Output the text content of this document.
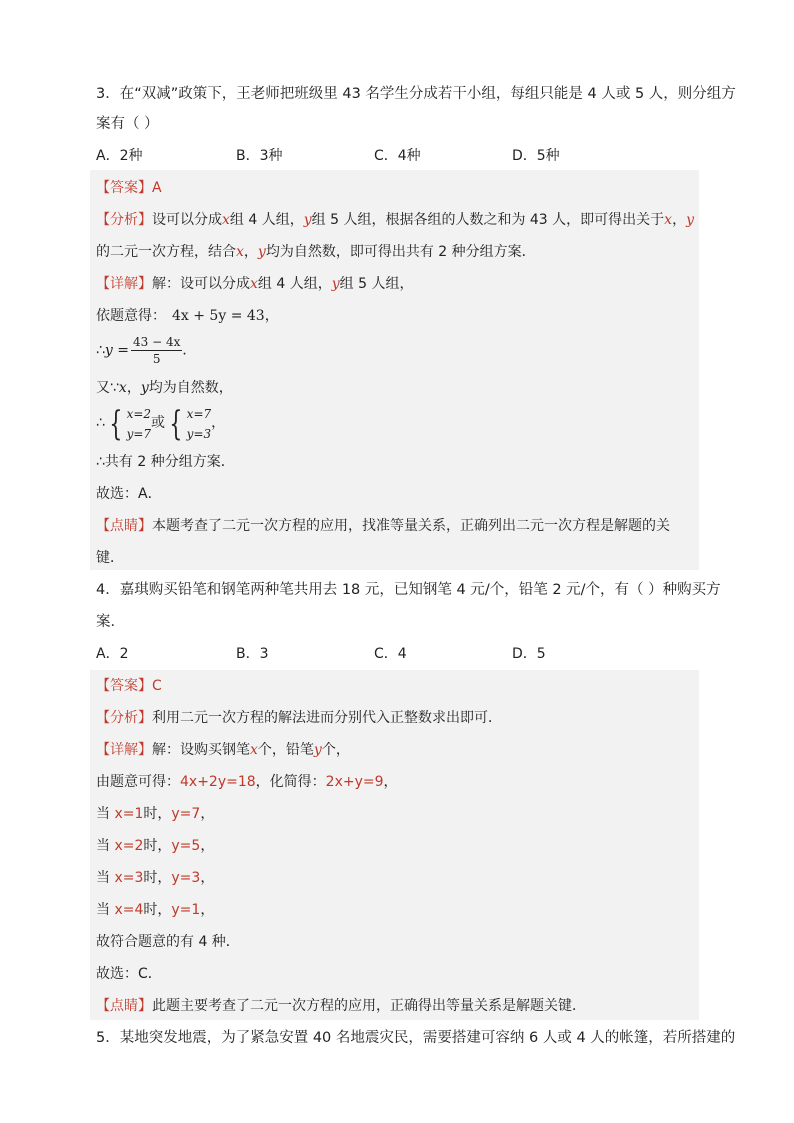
3．在“双减”政策下，王老师把班级里 43 名学生分成若干小组，每组只能是 4 人或 5 人，则分组方
案有（ ）
A．2种	B．3种	C．4种	D．5种
【答案】A
【分析】设可以分成x组 4 人组，y组 5 人组，根据各组的人数之和为 43 人，即可得出关于x，y
的二元一次方程，结合x，y均为自然数，即可得出共有 2 种分组方案．
【详解】解：设可以分成x组 4 人组，y组 5 人组，
依题意得： 4x + 5y = 43，
∴y = $\frac{43 - 4x}{5}$ ．
又∵x，y均为自然数，
∴ { x=2
y=7
或 { x=7
y=3
，
∴共有 2 种分组方案．
故选：A．
【点睛】本题考查了二元一次方程的应用，找准等量关系，正确列出二元一次方程是解题的关
键．
4．嘉琪购买铅笔和钢笔两种笔共用去 18 元，已知钢笔 4 元/个，铅笔 2 元/个，有（ ）种购买方
案．
A．2	B．3	C．4	D．5
【答案】C
【分析】利用二元一次方程的解法进而分别代入正整数求出即可．
【详解】解：设购买钢笔x个，铅笔y个，
由题意可得：4x+2y=18，化简得：2x+y=9，
当 x=1时，y=7，
当 x=2时，y=5，
当 x=3时，y=3，
当 x=4时，y=1，
故符合题意的有 4 种．
故选：C．
【点睛】此题主要考查了二元一次方程的应用，正确得出等量关系是解题关键．
5．某地突发地震，为了紧急安置 40 名地震灾民，需要搭建可容纳 6 人或 4 人的帐篷，若所搭建的
